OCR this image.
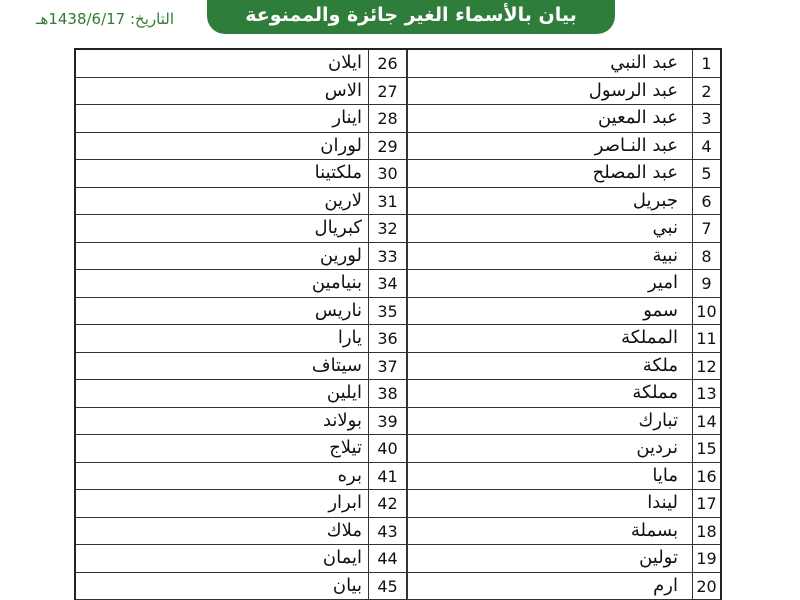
التاريخ: 1438/6/17هـ	بيان بالأسماء الغير جائزة والممنوعة
ايلان 26	عبد النبي	1
الاس 27	عبد الرسول	2
اينار 28	عبد المعين	3
لوران 29	عبد النـاصر	4
ملكتينا 30	عبد المصلح	5
لارين 31	جبريل	6
كبريال 32	نبي	7
لورين 33	نبية	8
بنيامين 34	امير	9
ناريس 35	سمو	10
يارا 36	المملكة	11
سيتاف 37	ملكة	12
ايلين 38	مملكة	13
بولاند 39	تبارك	14
تيلاج 40	نردين	15
بره 41	مايا	16
ابرار 42	ليندا	17
ملاك 43	بسملة	18
ايمان 44	تولين	19
بيان 45	ارم	20
